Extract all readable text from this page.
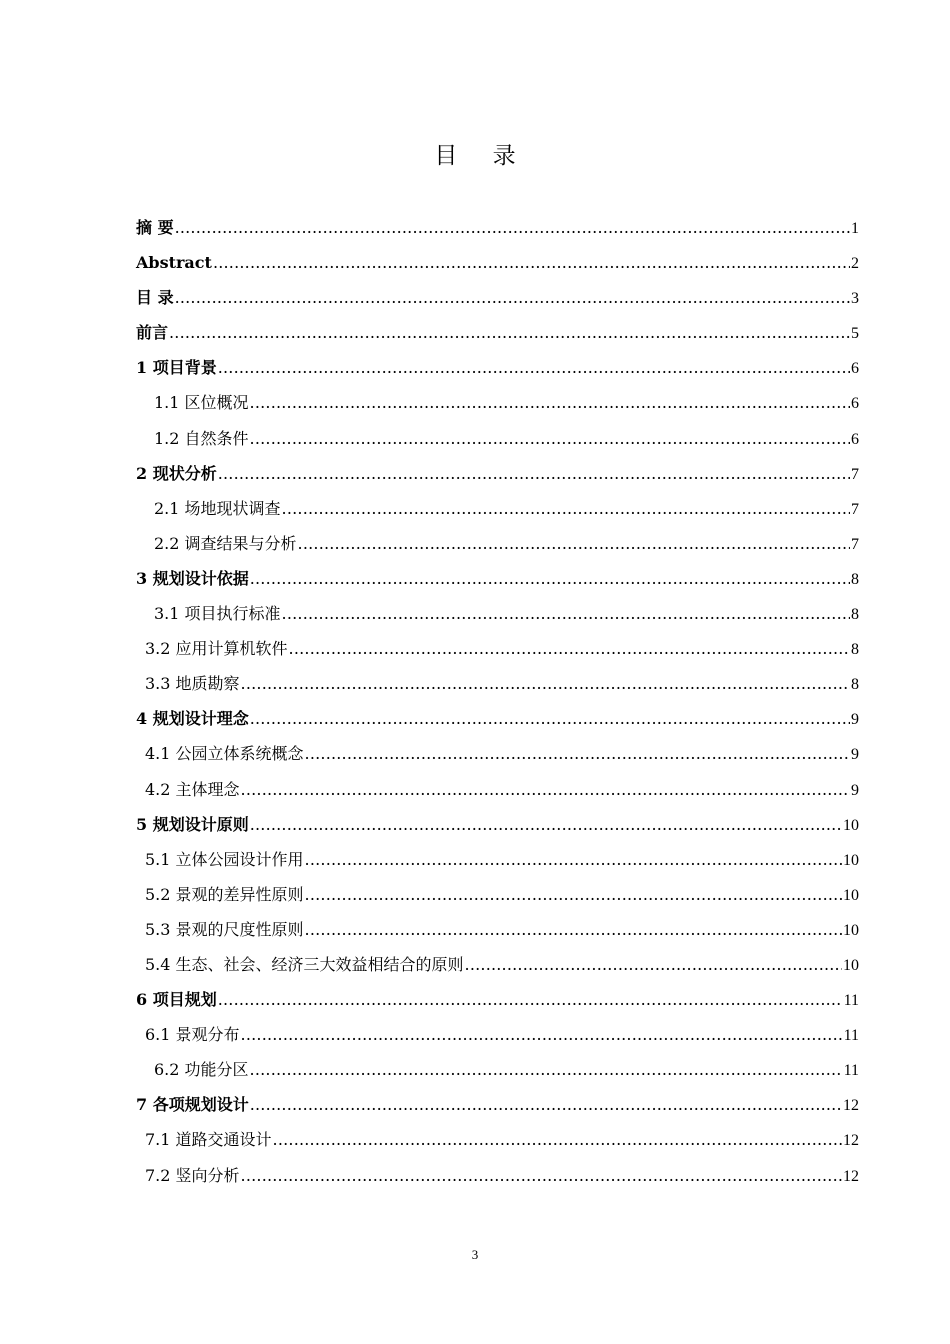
目 录
摘 要 .....	1
Abstract .....	2
目 录 .....	3
前言 .....	5
1 项目背景 .....	6
1.1 区位概况 .....	6
1.2 自然条件 .....	6
2 现状分析 .....	7
2.1 场地现状调查 .....	7
2.2 调查结果与分析 .....	7
3 规划设计依据 .....	8
3.1 项目执行标准 .....	8
3.2 应用计算机软件 .....	8
3.3 地质勘察 .....	8
4 规划设计理念 .....	9
4.1 公园立体系统概念 .....	9
4.2 主体理念 .....	9
5 规划设计原则 .....	10
5.1 立体公园设计作用 .....	10
5.2 景观的差异性原则 .....	10
5.3 景观的尺度性原则 .....	10
5.4 生态、社会、经济三大效益相结合的原则 .....	10
6 项目规划 .....	11
6.1 景观分布 .....	11
6.2 功能分区 .....	11
7 各项规划设计 .....	12
7.1 道路交通设计 .....	12
7.2 竖向分析 .....	12
3
